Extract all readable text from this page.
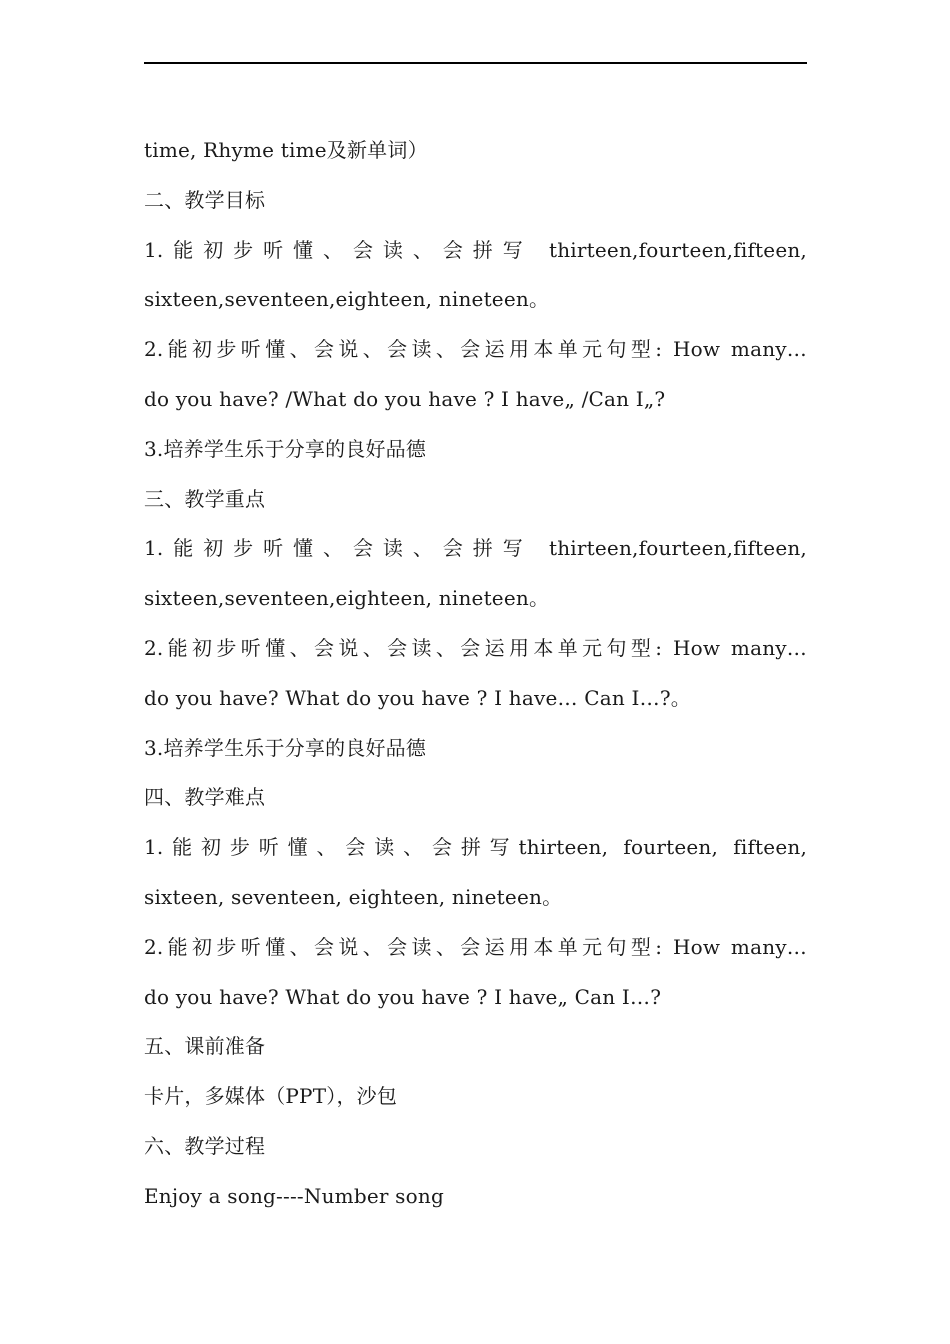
time, Rhyme time及新单词）
二、教学目标
1.能初步听懂、会读、会拼写 thirteen,fourteen,fifteen,
sixteen,seventeen,eighteen, nineteen。
2.能初步听懂、会说、会读、会运用本单元句型: How many…
do you have? /What do you have ? I have„ /Can I„?
3.培养学生乐于分享的良好品德
三、教学重点
1.能初步听懂、会读、会拼写 thirteen,fourteen,fifteen,
sixteen,seventeen,eighteen, nineteen。
2.能初步听懂、会说、会读、会运用本单元句型: How many…
do you have? What do you have ? I have… Can I…?。
3.培养学生乐于分享的良好品德
四、教学难点
1.能初步听懂、会读、会拼写thirteen, fourteen, fifteen,
sixteen, seventeen, eighteen, nineteen。
2.能初步听懂、会说、会读、会运用本单元句型: How many…
do you have? What do you have ? I have„ Can I…?
五、课前准备
卡片，多媒体（PPT），沙包
六、教学过程
Enjoy a song----Number song
